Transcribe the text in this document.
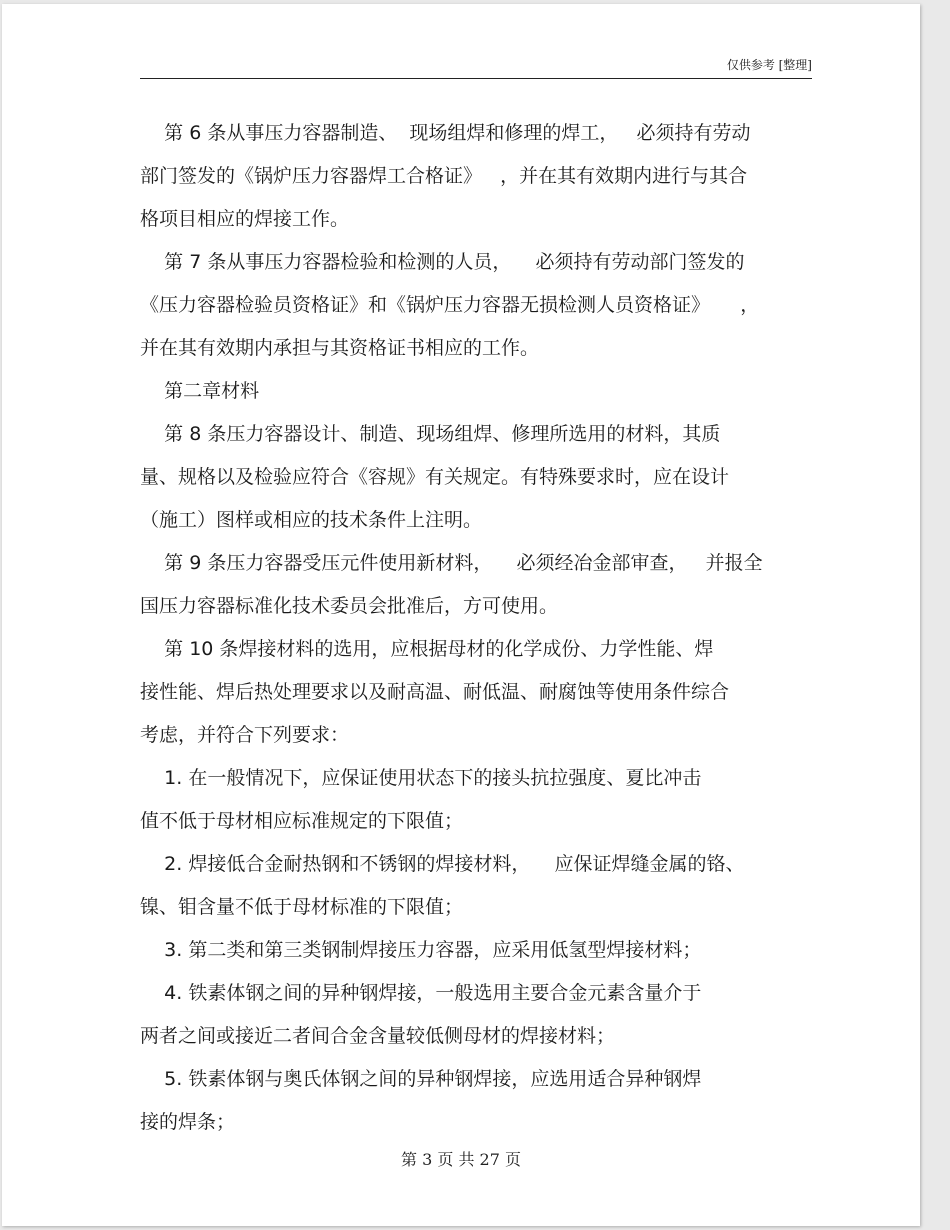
仅供参考 [整理]
第 6 条从事压力容器制造、  现场组焊和修理的焊工，   必须持有劳动
部门签发的《锅炉压力容器焊工合格证》   ，并在其有效期内进行与其合
格项目相应的焊接工作。
第 7 条从事压力容器检验和检测的人员，    必须持有劳动部门签发的
《压力容器检验员资格证》和《锅炉压力容器无损检测人员资格证》     ，
并在其有效期内承担与其资格证书相应的工作。
第二章材料
第 8 条压力容器设计、制造、现场组焊、修理所选用的材料，其质
量、规格以及检验应符合《容规》有关规定。有特殊要求时，应在设计
（施工）图样或相应的技术条件上注明。
第 9 条压力容器受压元件使用新材料，    必须经冶金部审查，   并报全
国压力容器标准化技术委员会批准后，方可使用。
第 10 条焊接材料的选用，应根据母材的化学成份、力学性能、焊
接性能、焊后热处理要求以及耐高温、耐低温、耐腐蚀等使用条件综合
考虑，并符合下列要求：
1. 在一般情况下，应保证使用状态下的接头抗拉强度、夏比冲击
值不低于母材相应标准规定的下限值；
2. 焊接低合金耐热钢和不锈钢的焊接材料，    应保证焊缝金属的铬、
镍、钼含量不低于母材标准的下限值；
3. 第二类和第三类钢制焊接压力容器，应采用低氢型焊接材料；
4. 铁素体钢之间的异种钢焊接，一般选用主要合金元素含量介于
两者之间或接近二者间合金含量较低侧母材的焊接材料；
5. 铁素体钢与奥氏体钢之间的异种钢焊接，应选用适合异种钢焊
接的焊条；
第 3 页 共 27 页
